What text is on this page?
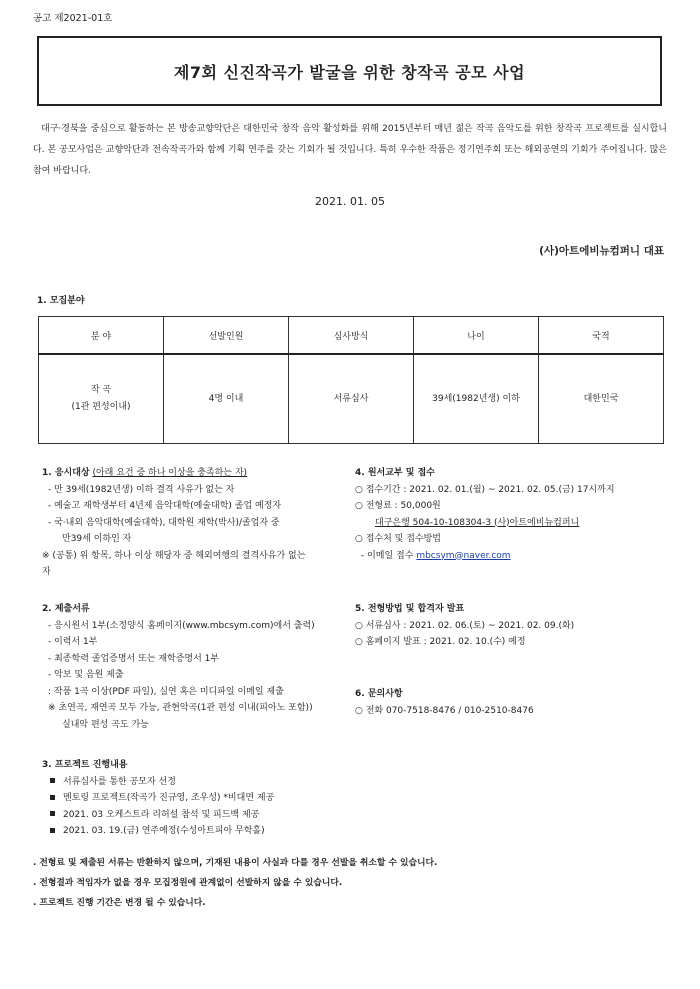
공고 제2021-01호
제7회 신진작곡가 발굴을 위한 창작곡 공모 사업
대구·경북을 중심으로 활동하는 본 방송교향악단은 대한민국 창작 음악 활성화를 위해 2015년부터 매년 젊은 작곡 음악도를 위한 창작곡 프로젝트를 실시합니다. 본 공모사업은 교향악단과 전속작곡가와 함께 기획 연주를 갖는 기회가 될 것입니다. 특히 우수한 작품은 정기연주회 또는 해외공연의 기회가 주어집니다. 많은 참여 바랍니다.
2021. 01. 05
(사)아트에비뉴컴퍼니 대표
1. 모집분야
분 야	선발인원	심사방식	나이	국적

작 곡
(1관 편성이내)	4명 이내	서류심사	39세(1982년생) 이하	대한민국
1. 응시대상 (아래 요건 중 하나 이상을 충족하는 자)
- 만 39세(1982년생) 이하 결격 사유가 없는 자
- 예술고 재학생부터 4년제 음악대학(예술대학) 졸업 예정자
- 국·내외 음악대학(예술대학), 대학원 재학(박사)/졸업자 중
만39세 이하인 자
※ (공통) 위 항목, 하나 이상 해당자 중 해외여행의 결격사유가 없는
자
2. 제출서류
- 응시원서 1부(소정양식 홈페이지(www.mbcsym.com)에서 출력)
- 이력서 1부
- 최종학력 졸업증명서 또는 재학증명서 1부
- 악보 및 음원 제출
: 작품 1곡 이상(PDF 파일), 실연 혹은 미디파일 이메일 제출
※ 초연곡, 재연곡 모두 가능, 관현악곡(1관 편성 이내(피아노 포함))
실내악 편성 곡도 가능
3. 프로젝트 진행내용
서류심사를 통한 공모자 선정
멘토링 프로젝트(작곡가 진규영, 조우성) *비대면 제공
2021. 03 오케스트라 리허설 참석 및 피드백 제공
2021. 03. 19.(금) 연주예정(수성아트피아 무학홀)
4. 원서교부 및 접수
○ 접수기간 : 2021. 02. 01.(월) ~ 2021. 02. 05.(금) 17시까지
○ 전형료 : 50,000원
대구은행 504-10-108304-3 (사)아트에비뉴컴퍼니
○ 접수처 및 접수방법
- 이메일 접수 mbcsym@naver.com
5. 전형방법 및 합격자 발표
○ 서류심사 : 2021. 02. 06.(토) ~ 2021. 02. 09.(화)
○ 홈페이지 발표 : 2021. 02. 10.(수) 예정
6. 문의사항
○ 전화 070-7518-8476 / 010-2510-8476
. 전형료 및 제출된 서류는 반환하지 않으며, 기재된 내용이 사실과 다를 경우 선발을 취소할 수 있습니다.
. 전형결과 적임자가 없을 경우 모집정원에 관계없이 선발하지 않을 수 있습니다.
. 프로젝트 진행 기간은 변경 될 수 있습니다.
